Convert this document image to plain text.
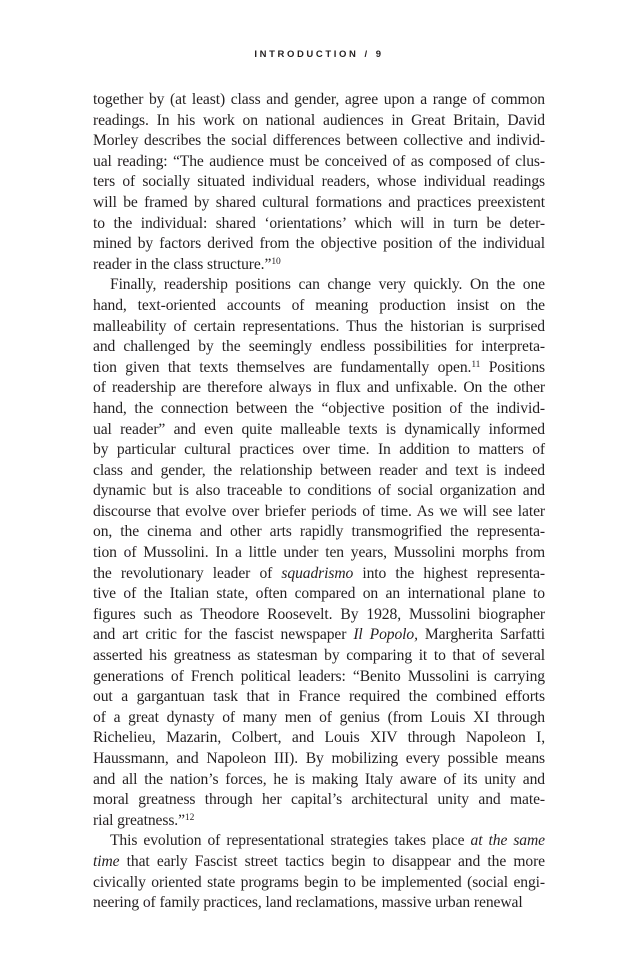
INTRODUCTION / 9
together by (at least) class and gender, agree upon a range of common
readings. In his work on national audiences in Great Britain, David
Morley describes the social differences between collective and individ-
ual reading: “The audience must be conceived of as composed of clus-
ters of socially situated individual readers, whose individual readings
will be framed by shared cultural formations and practices preexistent
to the individual: shared ‘orientations’ which will in turn be deter-
mined by factors derived from the objective position of the individual
reader in the class structure.”$^{10}$
Finally, readership positions can change very quickly. On the one
hand, text-oriented accounts of meaning production insist on the
malleability of certain representations. Thus the historian is surprised
and challenged by the seemingly endless possibilities for interpreta-
tion given that texts themselves are fundamentally open.$^{11}$ Positions
of readership are therefore always in flux and unfixable. On the other
hand, the connection between the “objective position of the individ-
ual reader” and even quite malleable texts is dynamically informed
by particular cultural practices over time. In addition to matters of
class and gender, the relationship between reader and text is indeed
dynamic but is also traceable to conditions of social organization and
discourse that evolve over briefer periods of time. As we will see later
on, the cinema and other arts rapidly transmogrified the representa-
tion of Mussolini. In a little under ten years, Mussolini morphs from
the revolutionary leader of squadrismo into the highest representa-
tive of the Italian state, often compared on an international plane to
figures such as Theodore Roosevelt. By 1928, Mussolini biographer
and art critic for the fascist newspaper Il Popolo, Margherita Sarfatti
asserted his greatness as statesman by comparing it to that of several
generations of French political leaders: “Benito Mussolini is carrying
out a gargantuan task that in France required the combined efforts
of a great dynasty of many men of genius (from Louis XI through
Richelieu, Mazarin, Colbert, and Louis XIV through Napoleon I,
Haussmann, and Napoleon III). By mobilizing every possible means
and all the nation’s forces, he is making Italy aware of its unity and
moral greatness through her capital’s architectural unity and mate-
rial greatness.”$^{12}$
This evolution of representational strategies takes place at the same
time that early Fascist street tactics begin to disappear and the more
civically oriented state programs begin to be implemented (social engi-
neering of family practices, land reclamations, massive urban renewal
